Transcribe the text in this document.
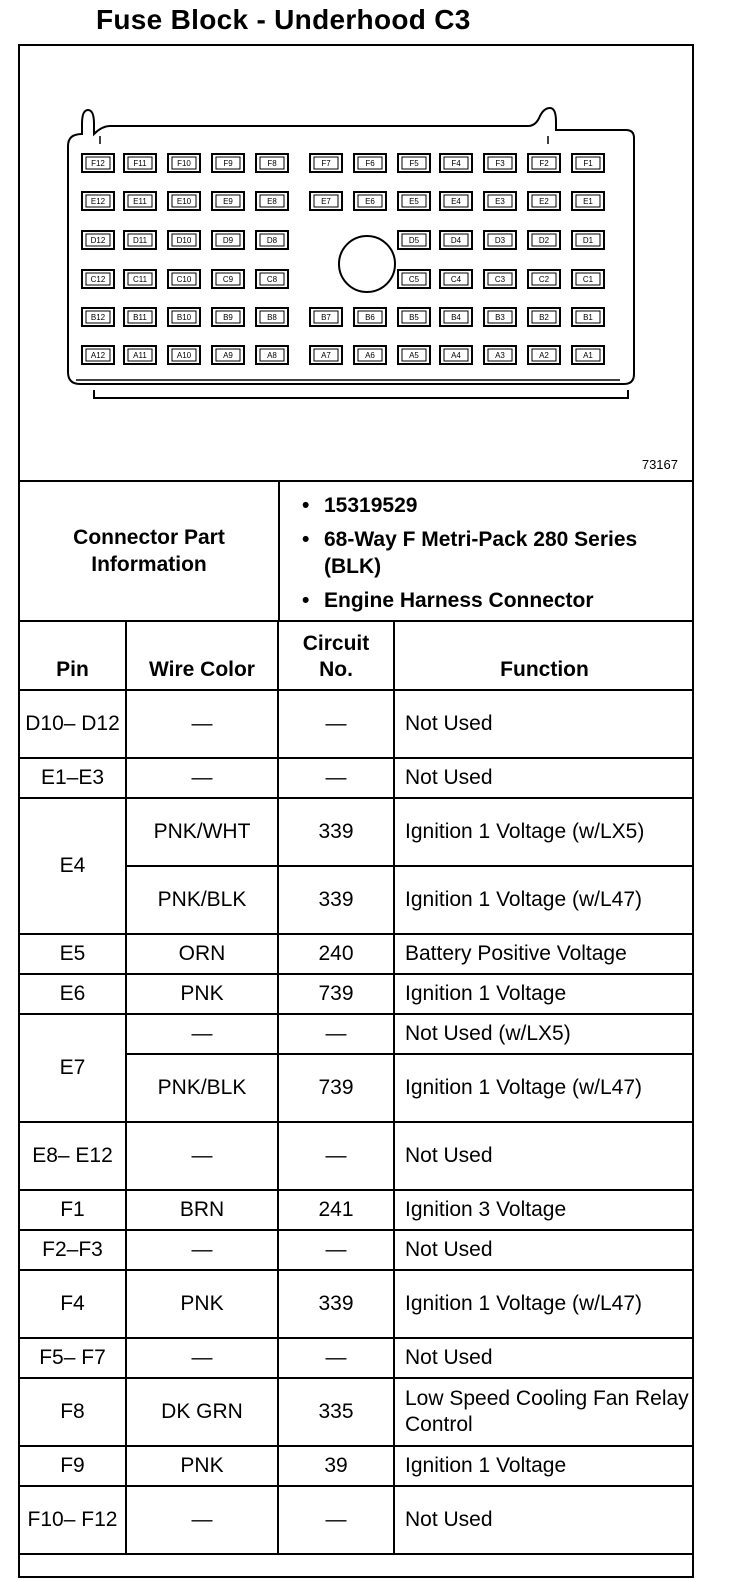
Fuse Block - Underhood C3
F12	F11	F10	F9	F8	F7	F6	F5	F4	F3	F2	F1
E12	E11	E10	E9	E8	E7	E6	E5	E4	E3	E2	E1
D12	D11	D10	D9	D8	D5	D4	D3	D2	D1
C12	C11	C10	C9	C8	C5	C4	C3	C2	C1
B12	B11	B10	B9	B8	B7	B6	B5	B4	B3	B2	B1
A12	A11	A10	A9	A8	A7	A6	A5	A4	A3	A2	A1
73167
Connector Part Information
• 15319529
• 68-Way F Metri-Pack 280 Series (BLK)
• Engine Harness Connector
Pin	Wire Color	Circuit No.	Function
D10– D12	—	—	Not Used
E1–E3	—	—	Not Used
E4	PNK/WHT	339	Ignition 1 Voltage (w/LX5)
	PNK/BLK	339	Ignition 1 Voltage (w/L47)
E5	ORN	240	Battery Positive Voltage
E6	PNK	739	Ignition 1 Voltage
E7	—	—	Not Used (w/LX5)
	PNK/BLK	739	Ignition 1 Voltage (w/L47)
E8– E12	—	—	Not Used
F1	BRN	241	Ignition 3 Voltage
F2–F3	—	—	Not Used
F4	PNK	339	Ignition 1 Voltage (w/L47)
F5– F7	—	—	Not Used
F8	DK GRN	335	Low Speed Cooling Fan Relay Control
F9	PNK	39	Ignition 1 Voltage
F10– F12	—	—	Not Used
